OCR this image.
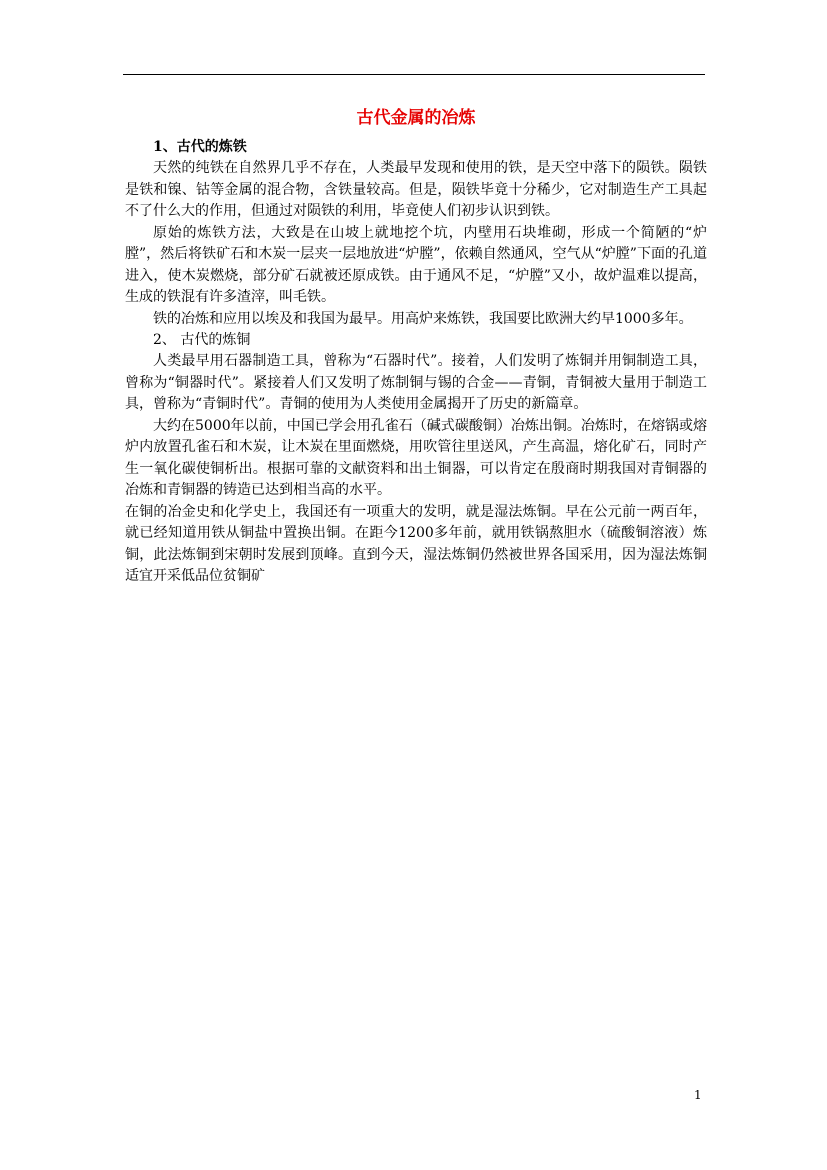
古代金属的冶炼
1、古代的炼铁

天然的纯铁在自然界几乎不存在，人类最早发现和使用的铁，是天空中落下的陨铁。陨铁是铁和镍、钴等金属的混合物，含铁量较高。但是，陨铁毕竟十分稀少，它对制造生产工具起不了什么大的作用，但通过对陨铁的利用，毕竟使人们初步认识到铁。

原始的炼铁方法，大致是在山坡上就地挖个坑，内壁用石块堆砌，形成一个简陋的“炉膛”，然后将铁矿石和木炭一层夹一层地放进“炉膛”，依赖自然通风，空气从“炉膛”下面的孔道进入，使木炭燃烧，部分矿石就被还原成铁。由于通风不足，“炉膛”又小，故炉温难以提高，生成的铁混有许多渣滓，叫毛铁。

铁的冶炼和应用以埃及和我国为最早。用高炉来炼铁，我国要比欧洲大约早1000多年。

2、 古代的炼铜

人类最早用石器制造工具，曾称为“石器时代”。接着，人们发明了炼铜并用铜制造工具，曾称为“铜器时代”。紧接着人们又发明了炼制铜与锡的合金——青铜，青铜被大量用于制造工具，曾称为“青铜时代”。青铜的使用为人类使用金属揭开了历史的新篇章。

大约在5000年以前，中国已学会用孔雀石（碱式碳酸铜）冶炼出铜。冶炼时，在熔锅或熔炉内放置孔雀石和木炭，让木炭在里面燃烧，用吹管往里送风，产生高温，熔化矿石，同时产生一氧化碳使铜析出。根据可靠的文献资料和出土铜器，可以肯定在殷商时期我国对青铜器的冶炼和青铜器的铸造已达到相当高的水平。

在铜的冶金史和化学史上，我国还有一项重大的发明，就是湿法炼铜。早在公元前一两百年，就已经知道用铁从铜盐中置换出铜。在距今1200多年前，就用铁锅熬胆水（硫酸铜溶液）炼铜，此法炼铜到宋朝时发展到顶峰。直到今天，湿法炼铜仍然被世界各国采用，因为湿法炼铜适宜开采低品位贫铜矿

1
